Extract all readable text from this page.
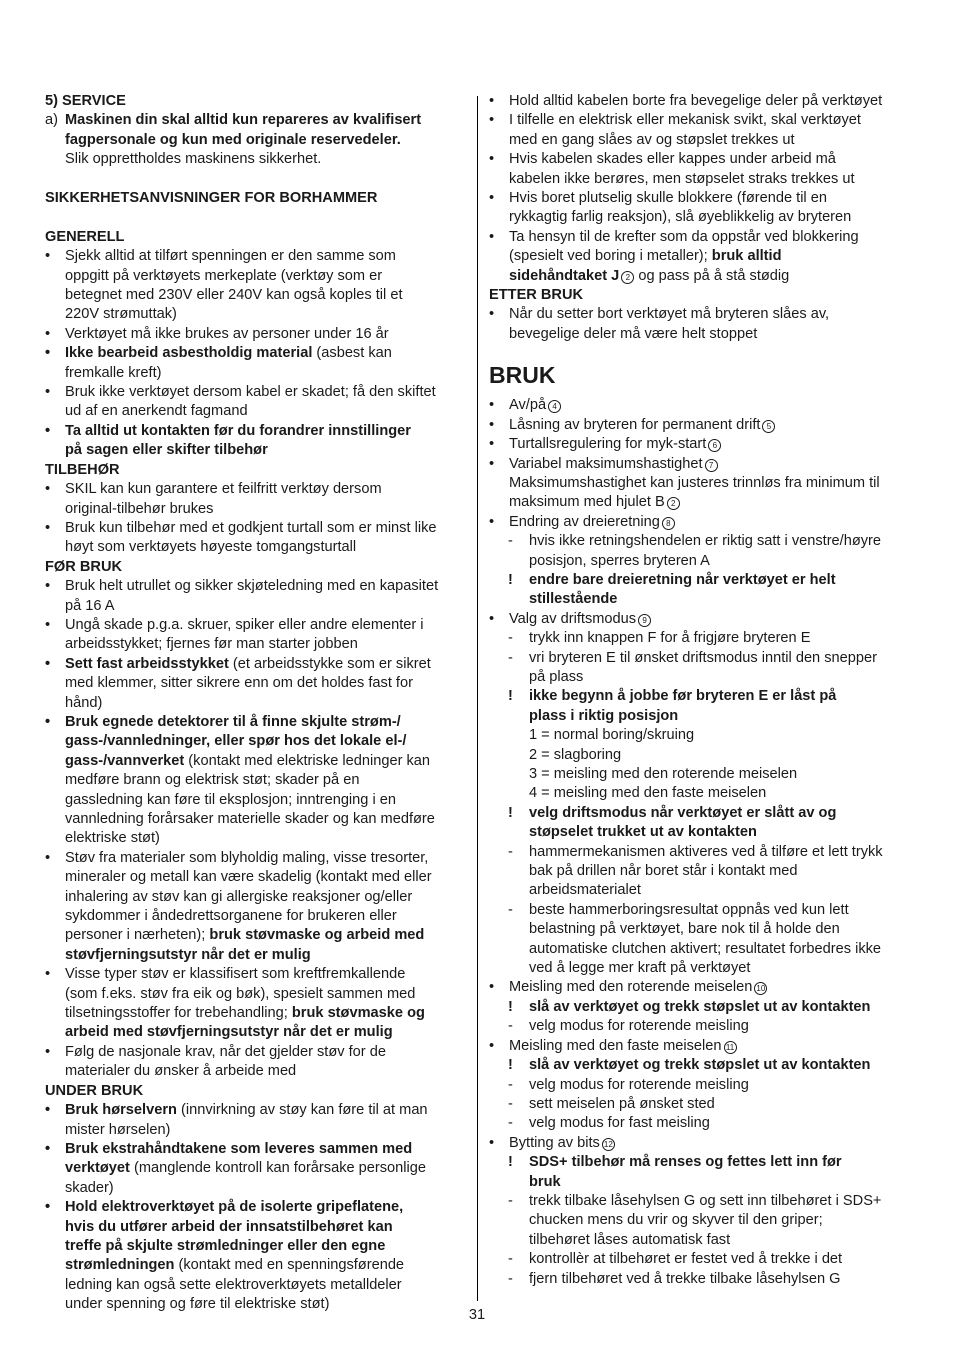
5) SERVICE
a) Maskinen din skal alltid kun repareres av kvalifisert
fagpersonale og kun med originale reservedeler.
Slik opprettholdes maskinens sikkerhet.
SIKKERHETSANVISNINGER FOR BORHAMMER
GENERELL
• Sjekk alltid at tilført spenningen er den samme som
oppgitt på verktøyets merkeplate (verktøy som er
betegnet med 230V eller 240V kan også koples til et
220V strømuttak)
• Verktøyet må ikke brukes av personer under 16 år
• Ikke bearbeid asbestholdig material (asbest kan
fremkalle kreft)
• Bruk ikke verktøyet dersom kabel er skadet; få den skiftet
ud af en anerkendt fagmand
• Ta alltid ut kontakten før du forandrer innstillinger
på sagen eller skifter tilbehør
TILBEHØR
• SKIL kan kun garantere et feilfritt verktøy dersom
original-tilbehør brukes
• Bruk kun tilbehør med et godkjent turtall som er minst like
høyt som verktøyets høyeste tomgangsturtall
FØR BRUK
• Bruk helt utrullet og sikker skjøteledning med en kapasitet
på 16 A
• Ungå skade p.g.a. skruer, spiker eller andre elementer i
arbeidsstykket; fjernes før man starter jobben
• Sett fast arbeidsstykket (et arbeidsstykke som er sikret
med klemmer, sitter sikrere enn om det holdes fast for
hånd)
• Bruk egnede detektorer til å finne skjulte strøm-/
gass-/vannledninger, eller spør hos det lokale el-/
gass-/vannverket (kontakt med elektriske ledninger kan
medføre brann og elektrisk støt; skader på en
gassledning kan føre til eksplosjon; inntrenging i en
vannledning forårsaker materielle skader og kan medføre
elektriske støt)
• Støv fra materialer som blyholdig maling, visse tresorter,
mineraler og metall kan være skadelig (kontakt med eller
inhalering av støv kan gi allergiske reaksjoner og/eller
sykdommer i åndedrettsorganene for brukeren eller
personer i nærheten); bruk støvmaske og arbeid med
støvfjerningsutstyr når det er mulig
• Visse typer støv er klassifisert som kreftfremkallende
(som f.eks. støv fra eik og bøk), spesielt sammen med
tilsetningsstoffer for trebehandling; bruk støvmaske og
arbeid med støvfjerningsutstyr når det er mulig
• Følg de nasjonale krav, når det gjelder støv for de
materialer du ønsker å arbeide med
UNDER BRUK
• Bruk hørselvern (innvirkning av støy kan føre til at man
mister hørselen)
• Bruk ekstrahåndtakene som leveres sammen med
verktøyet (manglende kontroll kan forårsake personlige
skader)
• Hold elektroverktøyet på de isolerte gripeflatene,
hvis du utfører arbeid der innsatstilbehøret kan
treffe på skjulte strømledninger eller den egne
strømledningen (kontakt med en spenningsførende
ledning kan også sette elektroverktøyets metalldeler
under spenning og føre til elektriske støt)
• Hold alltid kabelen borte fra bevegelige deler på verktøyet
• I tilfelle en elektrisk eller mekanisk svikt, skal verktøyet
med en gang slåes av og støpslet trekkes ut
• Hvis kabelen skades eller kappes under arbeid må
kabelen ikke berøres, men støpselet straks trekkes ut
• Hvis boret plutselig skulle blokkere (førende til en
rykkagtig farlig reaksjon), slå øyeblikkelig av bryteren
• Ta hensyn til de krefter som da oppstår ved blokkering
(spesielt ved boring i metaller); bruk alltid
sidehåndtaket J 2 og pass på å stå stødig
ETTER BRUK
• Når du setter bort verktøyet må bryteren slåes av,
bevegelige deler må være helt stoppet
BRUK
• Av/på 4
• Låsning av bryteren for permanent drift 5
• Turtallsregulering for myk-start 6
• Variabel maksimumshastighet 7
Maksimumshastighet kan justeres trinnløs fra minimum til
maksimum med hjulet B 2
• Endring av dreieretning 8
- hvis ikke retningshendelen er riktig satt i venstre/høyre
posisjon, sperres bryteren A
! endre bare dreieretning når verktøyet er helt
stillestående
• Valg av driftsmodus 9
- trykk inn knappen F for å frigjøre bryteren E
- vri bryteren E til ønsket driftsmodus inntil den snepper
på plass
! ikke begynn å jobbe før bryteren E er låst på
plass i riktig posisjon
1 = normal boring/skruing
2 = slagboring
3 = meisling med den roterende meiselen
4 = meisling med den faste meiselen
! velg driftsmodus når verktøyet er slått av og
støpselet trukket ut av kontakten
- hammermekanismen aktiveres ved å tilføre et lett trykk
bak på drillen når boret står i kontakt med
arbeidsmaterialet
- beste hammerboringsresultat oppnås ved kun lett
belastning på verktøyet, bare nok til å holde den
automatiske clutchen aktivert; resultatet forbedres ikke
ved å legge mer kraft på verktøyet
• Meisling med den roterende meiselen 10
! slå av verktøyet og trekk støpslet ut av kontakten
- velg modus for roterende meisling
• Meisling med den faste meiselen 11
! slå av verktøyet og trekk støpslet ut av kontakten
- velg modus for roterende meisling
- sett meiselen på ønsket sted
- velg modus for fast meisling
• Bytting av bits 12
! SDS+ tilbehør må renses og fettes lett inn før
bruk
- trekk tilbake låsehylsen G og sett inn tilbehøret i SDS+
chucken mens du vrir og skyver til den griper;
tilbehøret låses automatisk fast
- kontrollèr at tilbehøret er festet ved å trekke i det
- fjern tilbehøret ved å trekke tilbake låsehylsen G
31
